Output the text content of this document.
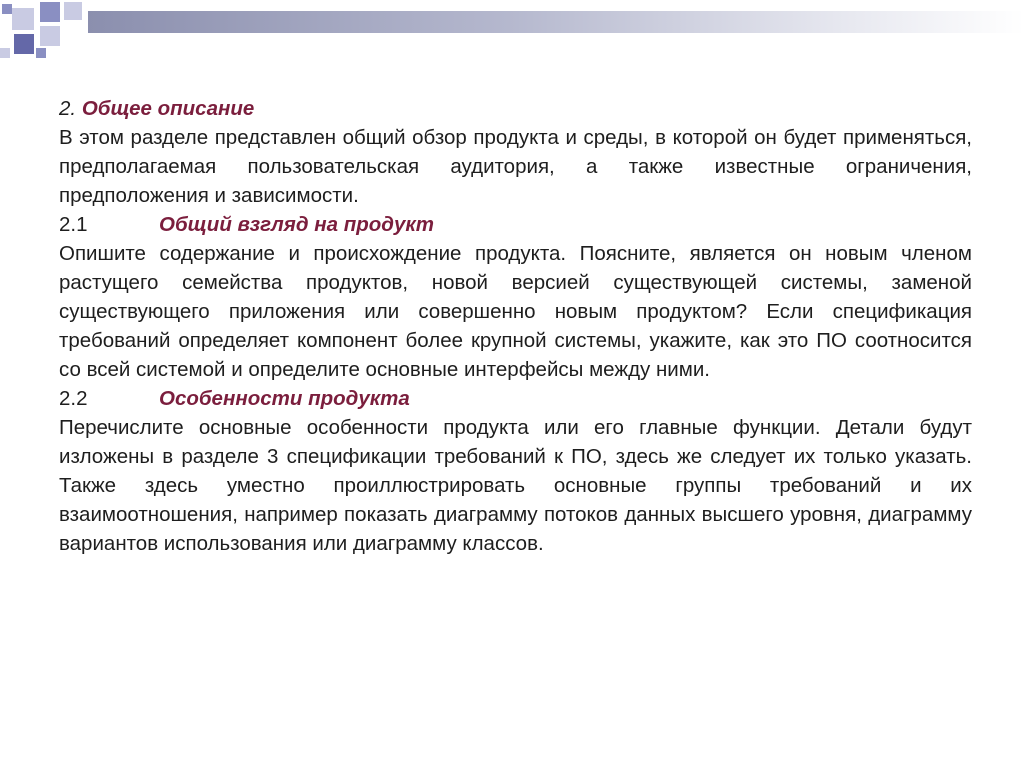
2. Общее описание

В этом разделе представлен общий обзор продукта и среды, в которой он будет применяться, предполагаемая пользовательская аудитория, а также известные ограничения, предположения и зависимости.

2.1	Общий взгляд на продукт

Опишите содержание и происхождение продукта. Поясните, является он новым членом растущего семейства продуктов, новой версией существующей системы, заменой существующего приложения или совершенно новым продуктом? Если спецификация требований определяет компонент более крупной системы, укажите, как это ПО соотносится со всей системой и определите основные интерфейсы между ними.

2.2	Особенности продукта

Перечислите основные особенности продукта или его главные функции. Детали будут изложены в разделе 3 спецификации требований к ПО, здесь же следует их только указать. Также здесь уместно проиллюстрировать основные группы требований и их взаимоотношения, например показать диаграмму потоков данных высшего уровня, диаграмму вариантов использования или диаграмму классов.
